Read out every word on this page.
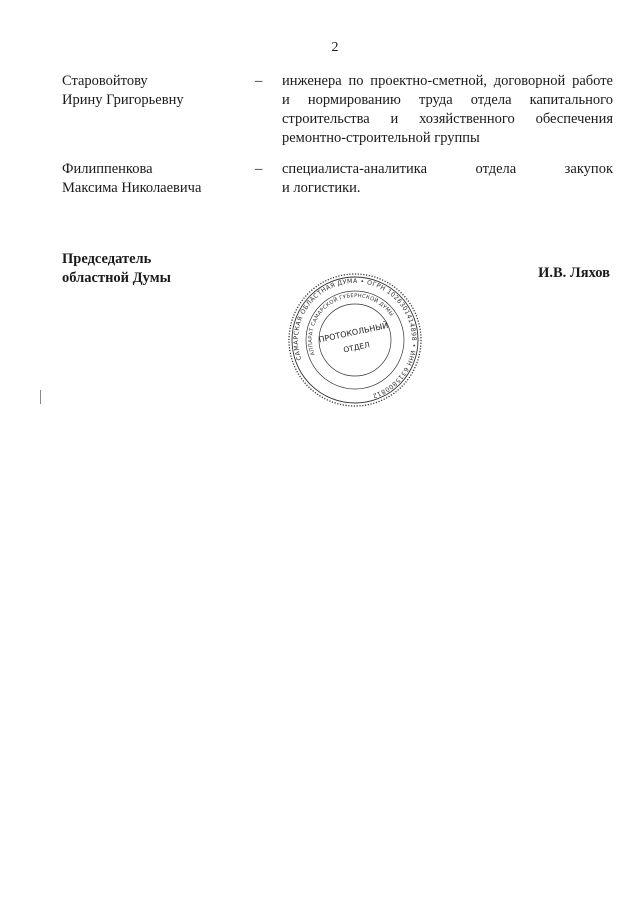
2
Старовойтову
Ирину Григорьевну
– инженера по проектно-сметной, договорной работе
и нормированию труда отдела капитального
строительства и хозяйственного обеспечения
ремонтно-строительной группы
Филиппенкова
Максима Николаевича
– специалиста-аналитика отдела закупок
и логистики.
Председатель
областной Думы	И.В. Ляхов
САМАРСКАЯ ОБЛАСТНАЯ ДУМА • ОГРН 1026301414898 • ИНН 6315800812
АППАРАТ САМАРСКОЙ ГУБЕРНСКОЙ ДУМЫ
ПРОТОКОЛЬНЫЙ
ОТДЕЛ
